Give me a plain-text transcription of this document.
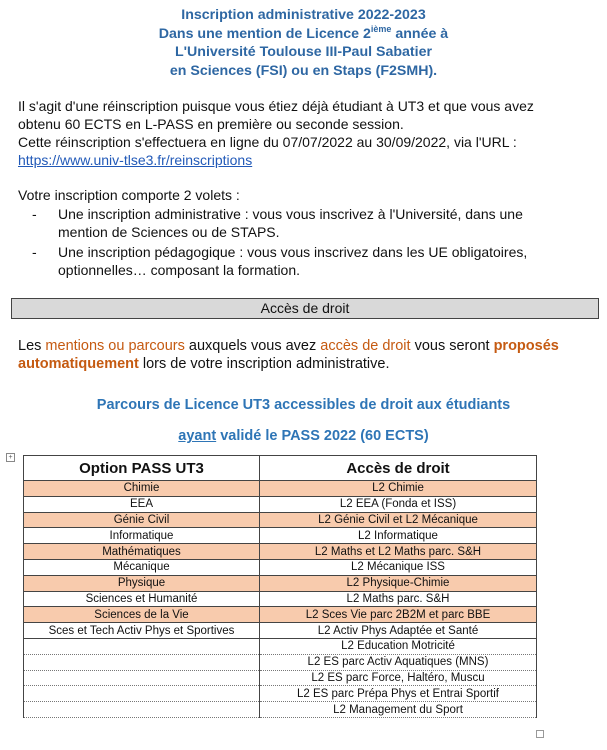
Inscription administrative 2022-2023
Dans une mention de Licence 2ième année à
L'Université Toulouse III-Paul Sabatier
en Sciences (FSI) ou en Staps (F2SMH).
Il s'agit d'une réinscription puisque vous étiez déjà étudiant à UT3 et que vous avez
obtenu 60 ECTS en L-PASS en première ou seconde session.
Cette réinscription s'effectuera en ligne du 07/07/2022 au 30/09/2022, via l'URL :
https://www.univ-tlse3.fr/reinscriptions
Votre inscription comporte 2 volets :
-	Une inscription administrative : vous vous inscrivez à l'Université, dans une
mention de Sciences ou de STAPS.
-	Une inscription pédagogique : vous vous inscrivez dans les UE obligatoires,
optionnelles… composant la formation.
Accès de droit
Les mentions ou parcours auxquels vous avez accès de droit vous seront proposés
automatiquement lors de votre inscription administrative.
Parcours de Licence UT3 accessibles de droit aux étudiants
ayant validé le PASS 2022 (60 ECTS)
+
Option PASS UT3	Accès de droit
Chimie	L2 Chimie
EEA	L2 EEA (Fonda et ISS)
Génie Civil	L2 Génie Civil et L2 Mécanique
Informatique	L2 Informatique
Mathématiques	L2 Maths et L2 Maths parc. S&H
Mécanique	L2 Mécanique ISS
Physique	L2 Physique-Chimie
Sciences et Humanité	L2 Maths parc. S&H
Sciences de la Vie	L2 Sces Vie parc 2B2M et parc BBE
Sces et Tech Activ Phys et Sportives	L2 Activ Phys Adaptée et Santé
	L2 Education Motricité
	L2 ES parc Activ Aquatiques (MNS)
	L2 ES parc Force, Haltéro, Muscu
	L2 ES parc Prépa Phys et Entrai Sportif
	L2 Management du Sport
